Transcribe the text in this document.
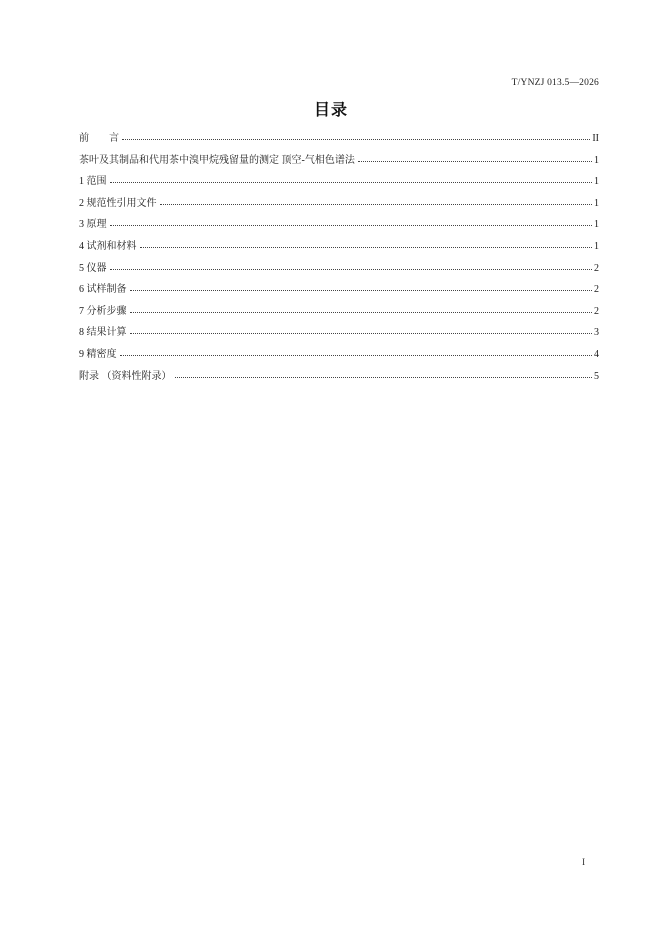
T/YNZJ 013.5—2026
目录
前　　言	II
茶叶及其制品和代用茶中溴甲烷残留量的测定 顶空-气相色谱法	1
1 范围	1
2 规范性引用文件	1
3 原理	1
4 试剂和材料	1
5 仪器	2
6 试样制备	2
7 分析步骤	2
8 结果计算	3
9 精密度	4
附录 （资料性附录）	5
I
